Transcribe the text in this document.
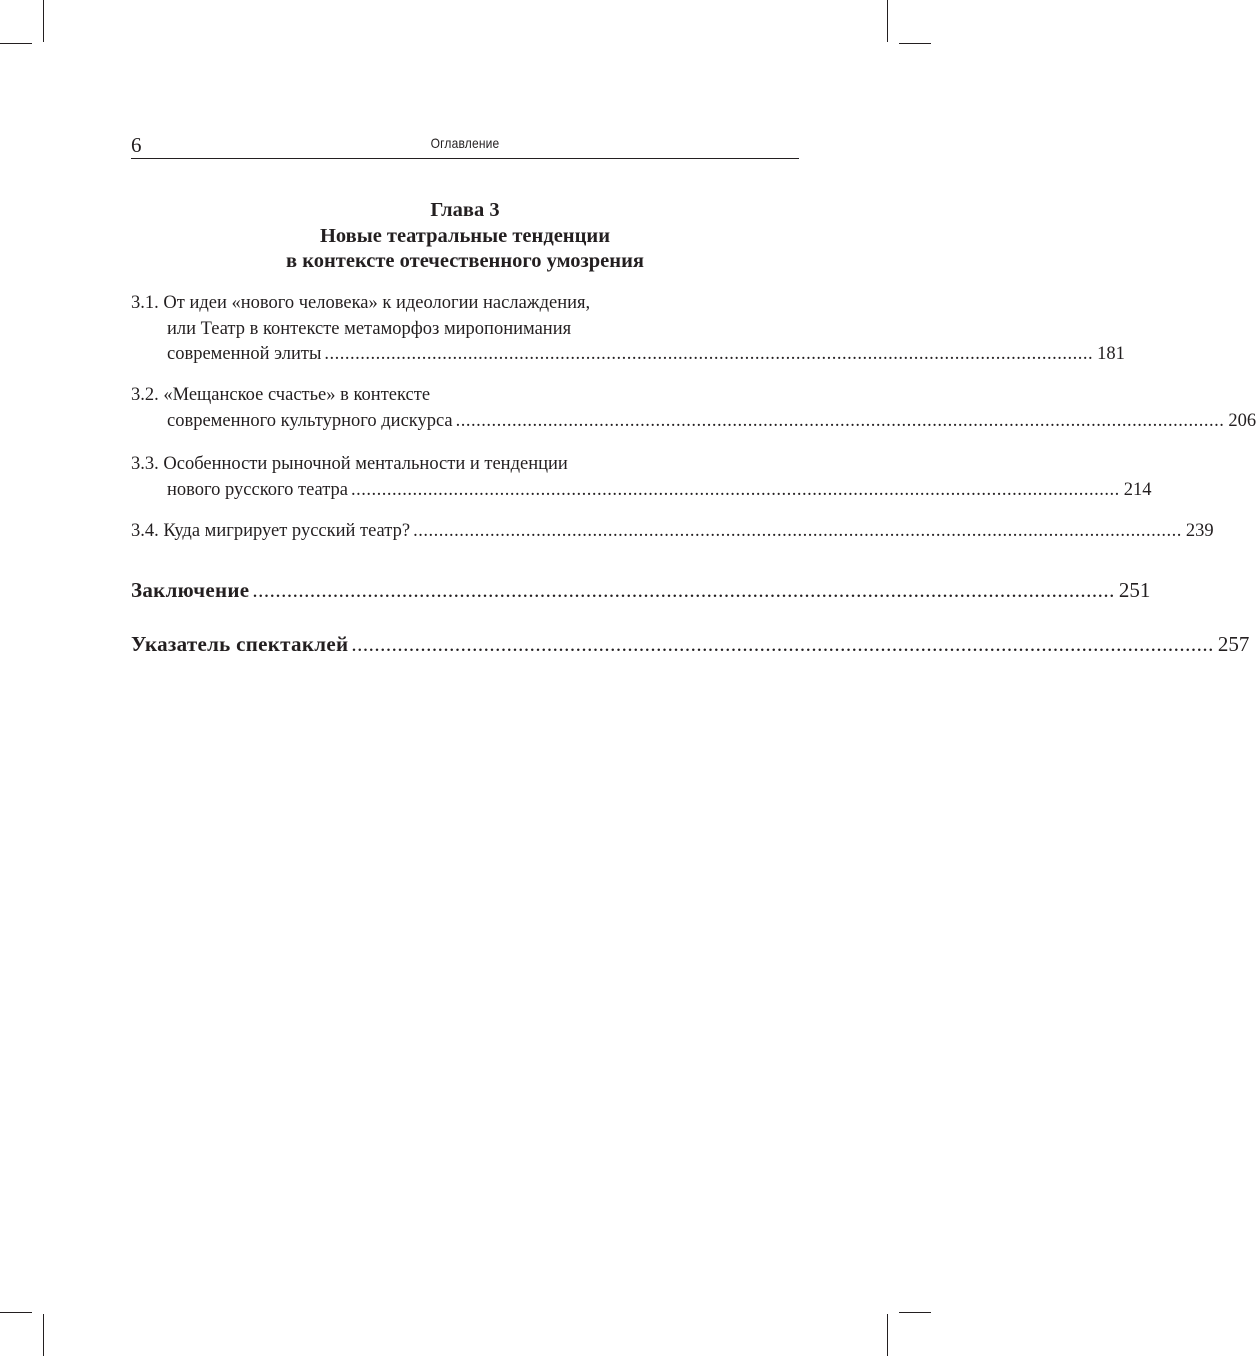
6	Оглавление
Глава 3
Новые театральные тенденции
в контексте отечественного умозрения
3.1. От идеи «нового человека» к идеологии наслаждения,
или Театр в контексте метаморфоз миропонимания
современной элиты ...................................................................................................................................................... 181
3.2. «Мещанское счастье» в контексте
современного культурного дискурса ...................................................................................................................................................... 206
3.3. Особенности рыночной ментальности и тенденции
нового русского театра ...................................................................................................................................................... 214
3.4. Куда мигрирует русский театр? ...................................................................................................................................................... 239
Заключение ...................................................................................................................................................... 251
Указатель спектаклей ...................................................................................................................................................... 257
